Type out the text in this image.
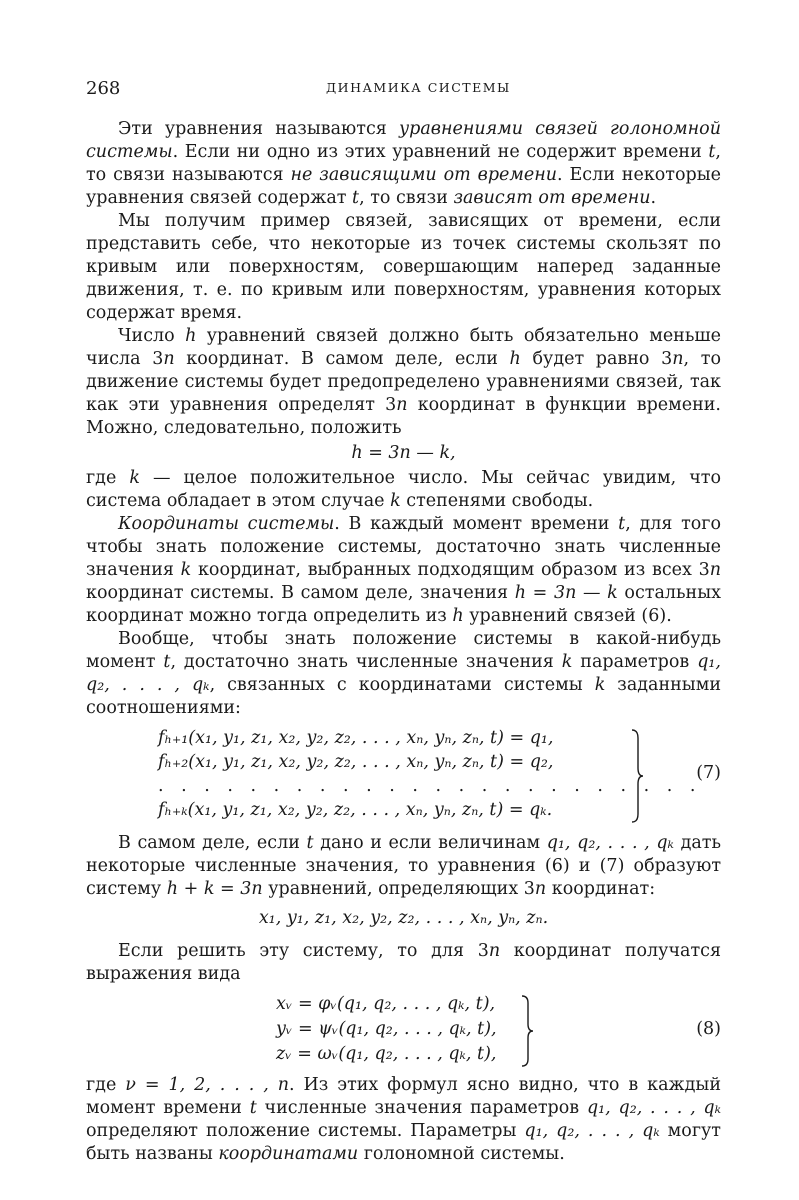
268	ДИНАМИКА СИСТЕМЫ

Эти уравнения называются уравнениями связей голономной системы. Если ни одно из этих уравнений не содержит времени t, то связи называются не зависящими от времени. Если некоторые уравнения связей содержат t, то связи зависят от времени.

Мы получим пример связей, зависящих от времени, если представить себе, что некоторые из точек системы скользят по кривым или поверхностям, совершающим наперед заданные движения, т. е. по кривым или поверхностям, уравнения которых содержат время.

Число h уравнений связей должно быть обязательно меньше числа 3n координат. В самом деле, если h будет равно 3n, то движение системы будет предопределено уравнениями связей, так как эти уравнения определят 3n координат в функции времени. Можно, следовательно, положить

h = 3n — k,

где k — целое положительное число. Мы сейчас увидим, что система обладает в этом случае k степенями свободы.

Координаты системы. В каждый момент времени t, для того чтобы знать положение системы, достаточно знать численные значения k координат, выбранных подходящим образом из всех 3n координат системы. В самом деле, значения h = 3n — k остальных координат можно тогда определить из h уравнений связей (6).

Вообще, чтобы знать положение системы в какой-нибудь момент t, достаточно знать численные значения k параметров q₁, q₂, . . . , qₖ, связанных с координатами системы k заданными соотношениями:

fₕ₊₁(x₁, y₁, z₁, x₂, y₂, z₂, . . . , xₙ, yₙ, zₙ, t) = q₁,
fₕ₊₂(x₁, y₁, z₁, x₂, y₂, z₂, . . . , xₙ, yₙ, zₙ, t) = q₂,
. . . . . . . . . . . . . . . . . . . . . . . .
fₕ₊ₖ(x₁, y₁, z₁, x₂, y₂, z₂, . . . , xₙ, yₙ, zₙ, t) = qₖ.
(7)

В самом деле, если t дано и если величинам q₁, q₂, . . . , qₖ дать некоторые численные значения, то уравнения (6) и (7) образуют систему h + k = 3n уравнений, определяющих 3n координат:

x₁, y₁, z₁, x₂, y₂, z₂, . . . , xₙ, yₙ, zₙ.

Если решить эту систему, то для 3n координат получатся выражения вида

xᵥ = φᵥ(q₁, q₂, . . . , qₖ, t),
yᵥ = ψᵥ(q₁, q₂, . . . , qₖ, t),
zᵥ = ωᵥ(q₁, q₂, . . . , qₖ, t),
(8)

где ν = 1, 2, . . . , n. Из этих формул ясно видно, что в каждый момент времени t численные значения параметров q₁, q₂, . . . , qₖ определяют положение системы. Параметры q₁, q₂, . . . , qₖ могут быть названы координатами голономной системы.
